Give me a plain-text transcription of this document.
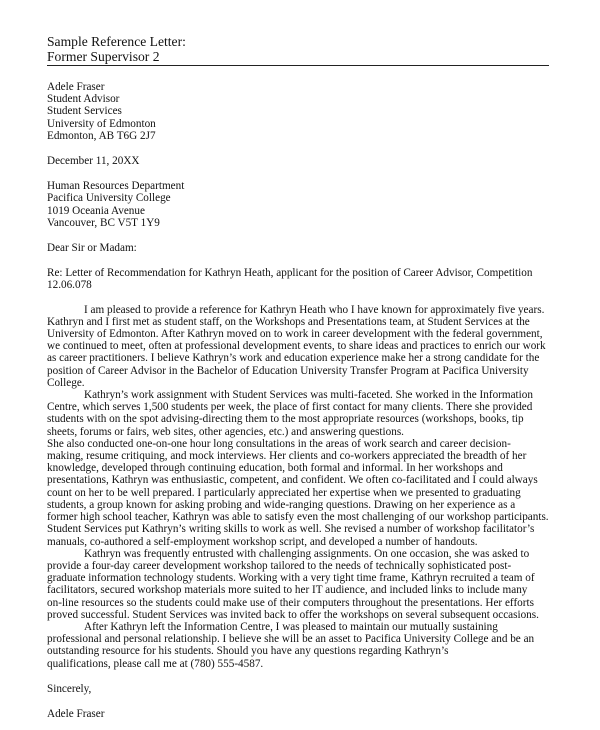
Sample Reference Letter:
Former Supervisor 2
Adele Fraser
Student Advisor
Student Services
University of Edmonton
Edmonton, AB T6G 2J7
December 11, 20XX
Human Resources Department
Pacifica University College
1019 Oceania Avenue
Vancouver, BC V5T 1Y9
Dear Sir or Madam:
Re: Letter of Recommendation for Kathryn Heath, applicant for the position of Career Advisor, Competition
12.06.078
I am pleased to provide a reference for Kathryn Heath who I have known for approximately five years.
Kathryn and I first met as student staff, on the Workshops and Presentations team, at Student Services at the
University of Edmonton. After Kathryn moved on to work in career development with the federal government,
we continued to meet, often at professional development events, to share ideas and practices to enrich our work
as career practitioners. I believe Kathryn’s work and education experience make her a strong candidate for the
position of Career Advisor in the Bachelor of Education University Transfer Program at Pacifica University
College.
Kathryn’s work assignment with Student Services was multi-faceted. She worked in the Information
Centre, which serves 1,500 students per week, the place of first contact for many clients. There she provided
students with on the spot advising-directing them to the most appropriate resources (workshops, books, tip
sheets, forums or fairs, web sites, other agencies, etc.) and answering questions.
She also conducted one-on-one hour long consultations in the areas of work search and career decision-
making, resume critiquing, and mock interviews. Her clients and co-workers appreciated the breadth of her
knowledge, developed through continuing education, both formal and informal. In her workshops and
presentations, Kathryn was enthusiastic, competent, and confident. We often co-facilitated and I could always
count on her to be well prepared. I particularly appreciated her expertise when we presented to graduating
students, a group known for asking probing and wide-ranging questions. Drawing on her experience as a
former high school teacher, Kathryn was able to satisfy even the most challenging of our workshop participants.
Student Services put Kathryn’s writing skills to work as well. She revised a number of workshop facilitator’s
manuals, co-authored a self-employment workshop script, and developed a number of handouts.
Kathryn was frequently entrusted with challenging assignments. On one occasion, she was asked to
provide a four-day career development workshop tailored to the needs of technically sophisticated post-
graduate information technology students. Working with a very tight time frame, Kathryn recruited a team of
facilitators, secured workshop materials more suited to her IT audience, and included links to include many
on-line resources so the students could make use of their computers throughout the presentations. Her efforts
proved successful. Student Services was invited back to offer the workshops on several subsequent occasions.
After Kathryn left the Information Centre, I was pleased to maintain our mutually sustaining
professional and personal relationship. I believe she will be an asset to Pacifica University College and be an
outstanding resource for his students. Should you have any questions regarding Kathryn’s
qualifications, please call me at (780) 555-4587.
Sincerely,
Adele Fraser
